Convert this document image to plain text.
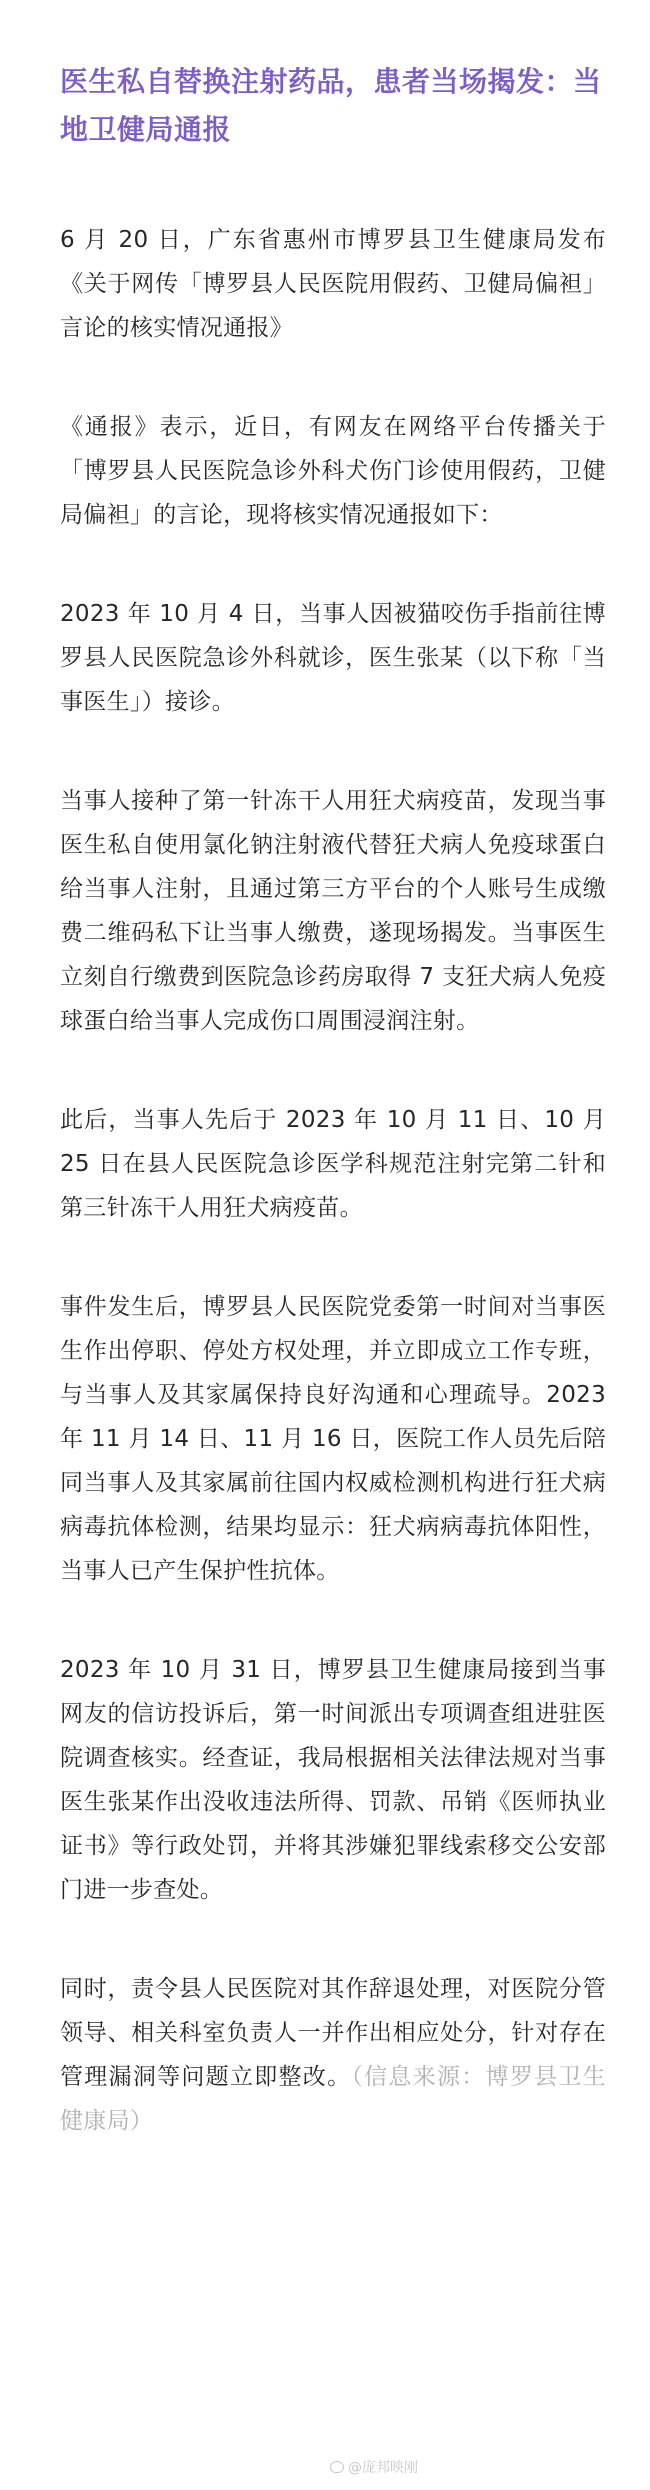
医生私自替换注射药品，患者当场揭发：当地卫健局通报

6 月 20 日，广东省惠州市博罗县卫生健康局发布《关于网传「博罗县人民医院用假药、卫健局偏袒」言论的核实情况通报》

《通报》表示，近日，有网友在网络平台传播关于「博罗县人民医院急诊外科犬伤门诊使用假药，卫健局偏袒」的言论，现将核实情况通报如下：

2023 年 10 月 4 日，当事人因被猫咬伤手指前往博罗县人民医院急诊外科就诊，医生张某（以下称「当事医生」）接诊。

当事人接种了第一针冻干人用狂犬病疫苗，发现当事医生私自使用氯化钠注射液代替狂犬病人免疫球蛋白给当事人注射，且通过第三方平台的个人账号生成缴费二维码私下让当事人缴费，遂现场揭发。当事医生立刻自行缴费到医院急诊药房取得 7 支狂犬病人免疫球蛋白给当事人完成伤口周围浸润注射。

此后，当事人先后于 2023 年 10 月 11 日、10 月 25 日在县人民医院急诊医学科规范注射完第二针和第三针冻干人用狂犬病疫苗。

事件发生后，博罗县人民医院党委第一时间对当事医生作出停职、停处方权处理，并立即成立工作专班，与当事人及其家属保持良好沟通和心理疏导。2023 年 11 月 14 日、11 月 16 日，医院工作人员先后陪同当事人及其家属前往国内权威检测机构进行狂犬病病毒抗体检测，结果均显示：狂犬病病毒抗体阳性，当事人已产生保护性抗体。

2023 年 10 月 31 日，博罗县卫生健康局接到当事网友的信访投诉后，第一时间派出专项调查组进驻医院调查核实。经查证，我局根据相关法律法规对当事医生张某作出没收违法所得、罚款、吊销《医师执业证书》等行政处罚，并将其涉嫌犯罪线索移交公安部门进一步查处。

同时，责令县人民医院对其作辞退处理，对医院分管领导、相关科室负责人一并作出相应处分，针对存在管理漏洞等问题立即整改。（信息来源：博罗县卫生健康局）

@庞邦映刚
